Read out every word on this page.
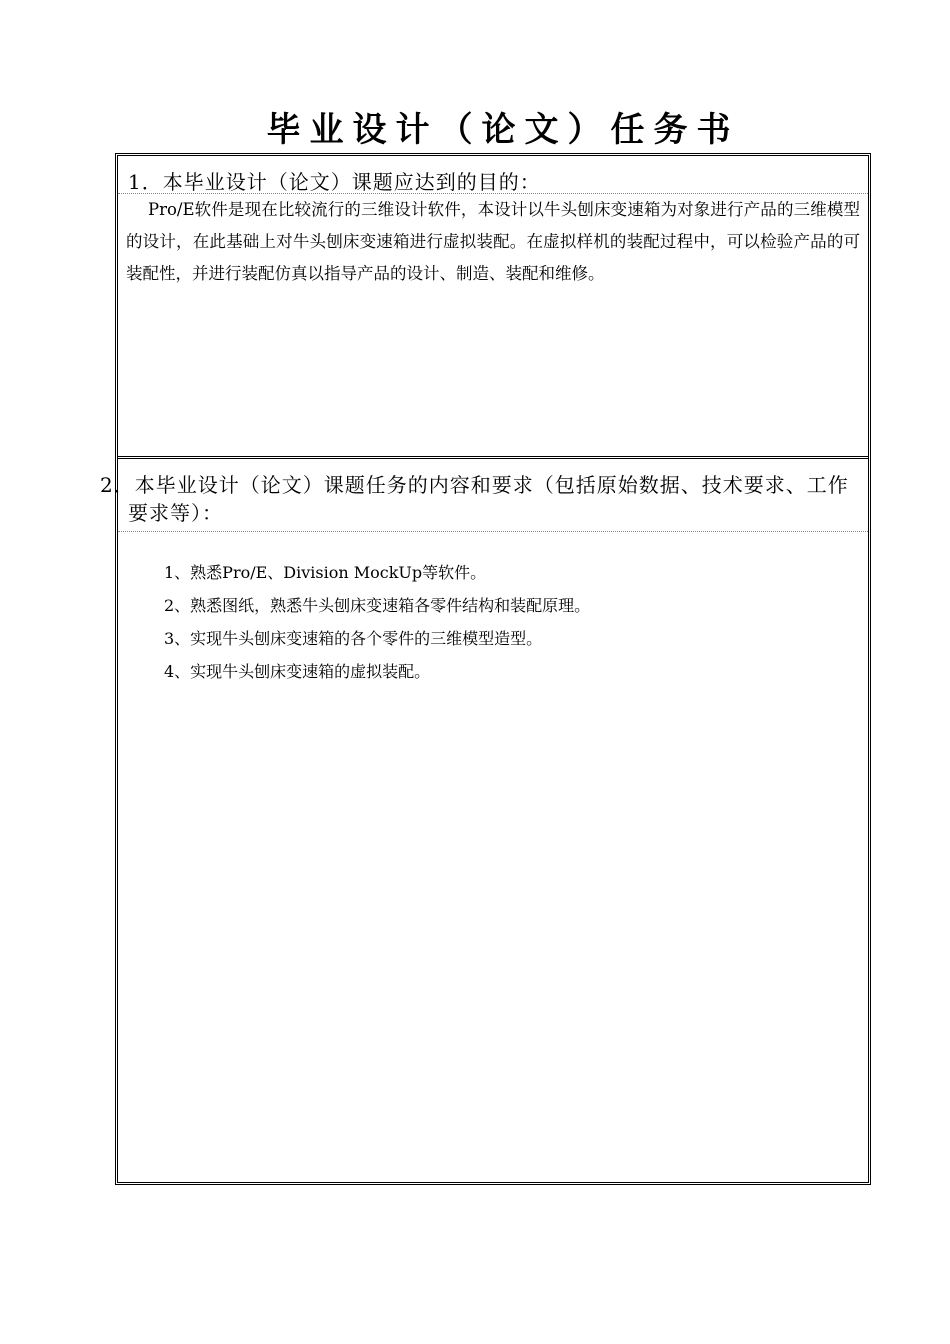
毕业设计（论文）任务书
1．本毕业设计（论文）课题应达到的目的：

Pro/E软件是现在比较流行的三维设计软件，本设计以牛头刨床变速箱为对象进行产品的三维模型的设计，在此基础上对牛头刨床变速箱进行虚拟装配。在虚拟样机的装配过程中，可以检验产品的可装配性，并进行装配仿真以指导产品的设计、制造、装配和维修。

2．本毕业设计（论文）课题任务的内容和要求（包括原始数据、技术要求、工作要求等）：
1、熟悉Pro/E、Division MockUp等软件。
2、熟悉图纸，熟悉牛头刨床变速箱各零件结构和装配原理。
3、实现牛头刨床变速箱的各个零件的三维模型造型。
4、实现牛头刨床变速箱的虚拟装配。
